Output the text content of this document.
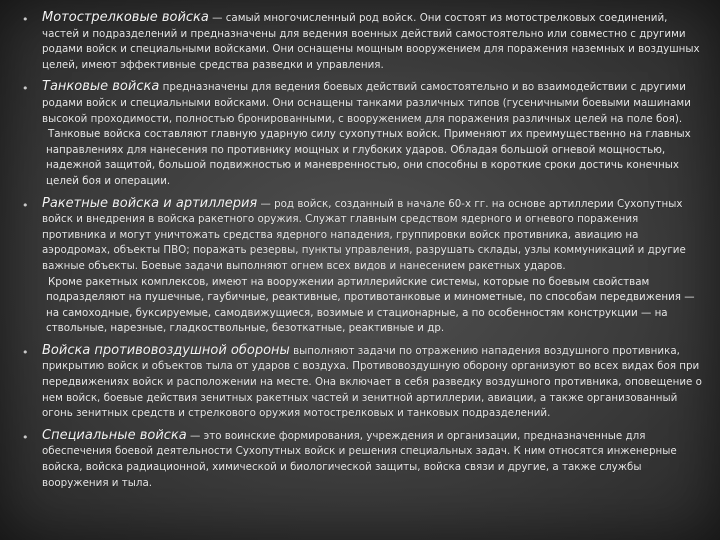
• Мотострелковые войска — самый многочисленный род войск. Они состоят из мотострелковых соединений, частей и подразделений и предназначены для ведения военных действий самостоятельно или совместно с другими родами войск и специальными войсками. Они оснащены мощным вооружением для поражения наземных и воздушных целей, имеют эффективные средства разведки и управления.

• Танковые войска предназначены для ведения боевых действий самостоятельно и во взаимодействии с другими родами войск и специальными войсками. Они оснащены танками различных типов (гусеничными боевыми машинами высокой проходимости, полностью бронированными, с вооружением для поражения различных целей на поле боя).

Танковые войска составляют главную ударную силу сухопутных войск. Применяют их преимущественно на главных направлениях для нанесения по противнику мощных и глубоких ударов. Обладая большой огневой мощностью, надежной защитой, большой подвижностью и маневренностью, они способны в короткие сроки достичь конечных целей боя и операции.

• Ракетные войска и артиллерия — род войск, созданный в начале 60-х гг. на основе артиллерии Сухопутных войск и внедрения в войска ракетного оружия. Служат главным средством ядерного и огневого поражения противника и могут уничтожать средства ядерного нападения, группировки войск противника, авиацию на аэродромах, объекты ПВО; поражать резервы, пункты управления, разрушать склады, узлы коммуникаций и другие важные объекты. Боевые задачи выполняют огнем всех видов и нанесением ракетных ударов.

Кроме ракетных комплексов, имеют на вооружении артиллерийские системы, которые по боевым свойствам подразделяют на пушечные, гаубичные, реактивные, противотанковые и минометные, по способам передвижения —на самоходные, буксируемые, самодвижущиеся, возимые и стационарные, а по особенностям конструкции — на ствольные, нарезные, гладкоствольные, безоткатные, реактивные и др.

• Войска противовоздушной обороны выполняют задачи по отражению нападения воздушного противника, прикрытию войск и объектов тыла от ударов с воздуха. Противовоздушную оборону организуют во всех видах боя при передвижениях войск и расположении на месте. Она включает в себя разведку воздушного противника, оповещение о нем войск, боевые действия зенитных ракетных частей и зенитной артиллерии, авиации, а также организованный огонь зенитных средств и стрелкового оружия мотострелковых и танковых подразделений.

• Специальные войска — это воинские формирования, учреждения и организации, предназначенные для обеспечения боевой деятельности Сухопутных войск и решения специальных задач. К ним относятся инженерные войска, войска радиационной, химической и биологической защиты, войска связи и другие, а также службы вооружения и тыла.
